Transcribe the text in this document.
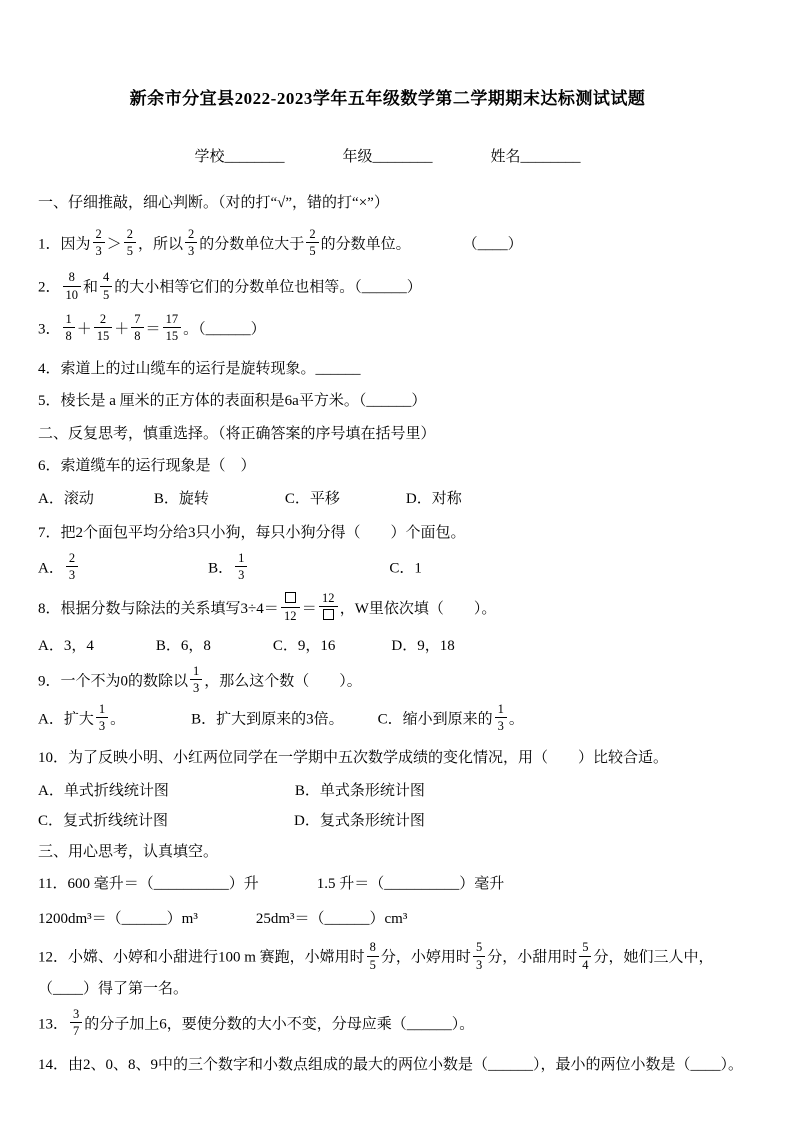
新余市分宜县2022-2023学年五年级数学第二学期期末达标测试试题
学校________	年级________	姓名________
一、仔细推敲，细心判断。（对的打“√”，错的打“×”）
1．因为 $\frac{2}{3} > \frac{2}{5}$ ，所以 $\frac{2}{3}$ 的分数单位大于 $\frac{2}{5}$ 的分数单位。	（____）
2． $\frac{8}{10}$ 和 $\frac{4}{5}$ 的大小相等它们的分数单位也相等。（______）
3． $\frac{1}{8} + \frac{2}{15} + \frac{7}{8} = \frac{17}{15}$ 。（______）
4．索道上的过山缆车的运行是旋转现象。______
5．棱长是 a 厘米的正方体的表面积是6a平方米。（______）
二、反复思考，慎重选择。（将正确答案的序号填在括号里）
6．索道缆车的运行现象是（　）
A．滚动	B．旋转	C．平移	D．对称
7．把2个面包平均分给3只小狗，每只小狗分得（　　）个面包。
A． $\frac{2}{3}$	B． $\frac{1}{3}$	C．1
8．根据分数与除法的关系填写3÷4＝ 12 ＝
12
，W里依次填（　　）。
A．3，4	B．6，8	C．9，16	D．9，18
9．一个不为0的数除以 $\frac{1}{3}$ ，那么这个数（　　）。
A．扩大 $\frac{1}{3}$ 。	B．扩大到原来的3倍。 C．缩小到原来的 $\frac{1}{3}$ 。
10．为了反映小明、小红两位同学在一学期中五次数学成绩的变化情况，用（　　）比较合适。
A．单式折线统计图	B．单式条形统计图
C．复式折线统计图	D．复式条形统计图
三、用心思考，认真填空。
11．600 毫升＝（__________）升	1.5 升＝（__________）毫升
1200dm³＝（______）m³	25dm³＝（______）cm³
12．小嫦、小婷和小甜进行100 m 赛跑，小嫦用时 $\frac{8}{5}$ 分，小婷用时 $\frac{5}{3}$ 分，小甜用时 $\frac{5}{4}$ 分，她们三人中，
（____）得了第一名。
13． $\frac{3}{7}$ 的分子加上6，要使分数的大小不变，分母应乘（______）。
14．由2、0、8、9中的三个数字和小数点组成的最大的两位小数是（______），最小的两位小数是（____）。
